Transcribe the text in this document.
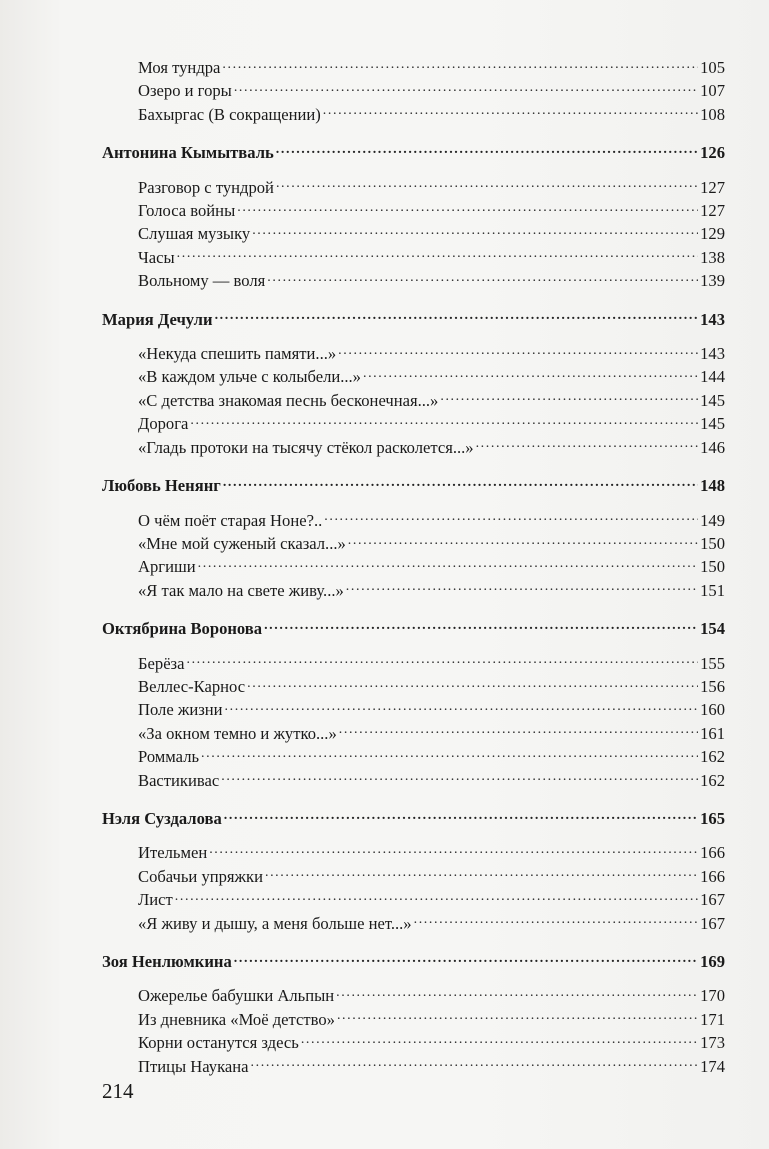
Моя тундра .....	105
Озеро и горы .....	107
Бахыргас (В сокращении) .....	108
Антонина Кымытваль .....	126
Разговор с тундрой .....	127
Голоса войны .....	127
Слушая музыку .....	129
Часы .....	138
Вольному — воля .....	139
Мария Дечули .....	143
«Некуда спешить памяти...» .....	143
«В каждом ульче с колыбели...» .....	144
«С детства знакомая песнь бесконечная...» .....	145
Дорога .....	145
«Гладь протоки на тысячу стёкол расколется...» .....	146
Любовь Ненянг .....	148
О чём поёт старая Ноне?.. .....	149
«Мне мой суженый сказал...» .....	150
Аргиши .....	150
«Я так мало на свете живу...» .....	151
Октябрина Воронова .....	154
Берёза .....	155
Веллес-Карнос .....	156
Поле жизни .....	160
«За окном темно и жутко...» .....	161
Роммаль .....	162
Вастикивас .....	162
Нэля Суздалова .....	165
Ительмен .....	166
Собачьи упряжки .....	166
Лист .....	167
«Я живу и дышу, а меня больше нет...» .....	167
Зоя Ненлюмкина .....	169
Ожерелье бабушки Альпын .....	170
Из дневника «Моё детство» .....	171
Корни останутся здесь .....	173
Птицы Наукана .....	174
214
